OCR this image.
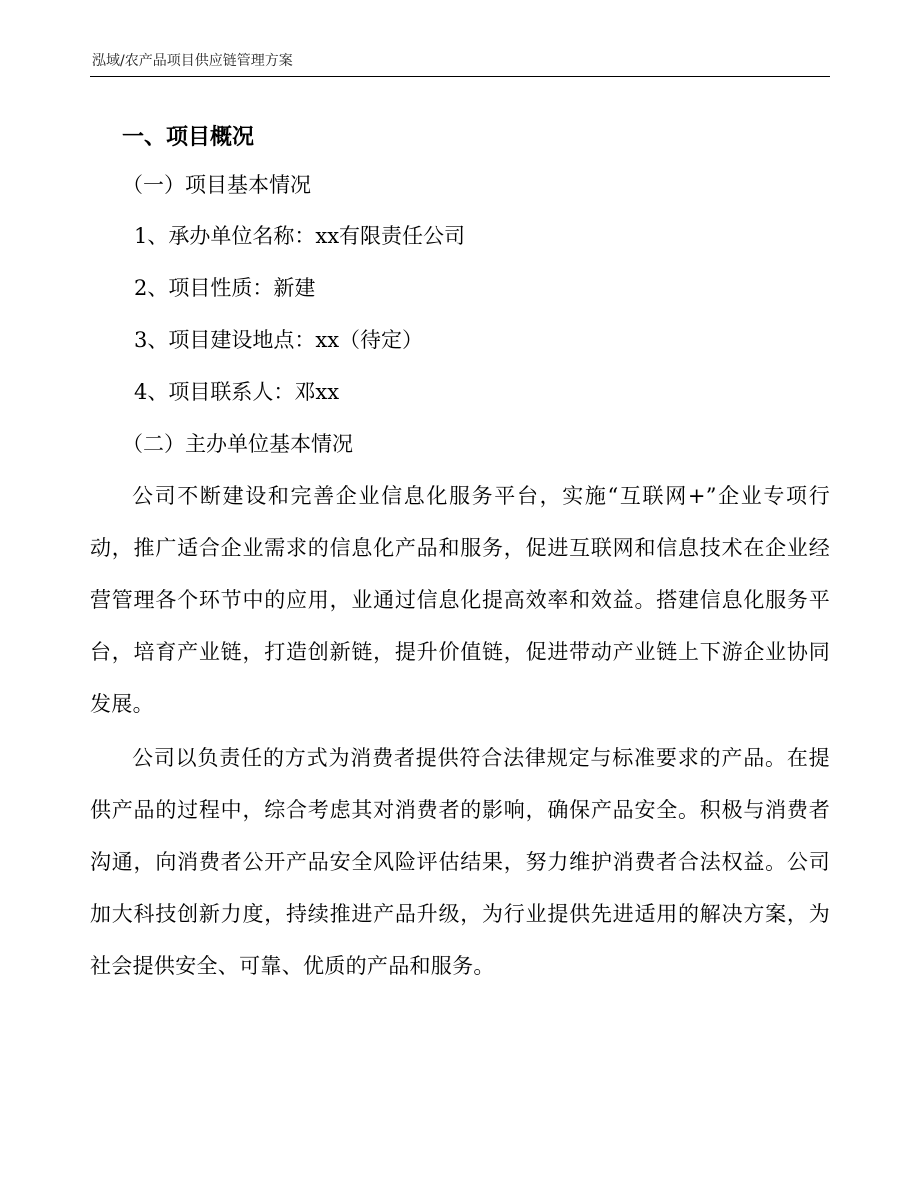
泓域/农产品项目供应链管理方案
一、项目概况
（一）项目基本情况
1、承办单位名称：xx有限责任公司
2、项目性质：新建
3、项目建设地点：xx（待定）
4、项目联系人：邓xx
（二）主办单位基本情况
公司不断建设和完善企业信息化服务平台，实施“互联网+”企业专项行动，推广适合企业需求的信息化产品和服务，促进互联网和信息技术在企业经营管理各个环节中的应用，业通过信息化提高效率和效益。搭建信息化服务平台，培育产业链，打造创新链，提升价值链，促进带动产业链上下游企业协同发展。
公司以负责任的方式为消费者提供符合法律规定与标准要求的产品。在提供产品的过程中，综合考虑其对消费者的影响，确保产品安全。积极与消费者沟通，向消费者公开产品安全风险评估结果，努力维护消费者合法权益。公司加大科技创新力度，持续推进产品升级，为行业提供先进适用的解决方案，为社会提供安全、可靠、优质的产品和服务。
